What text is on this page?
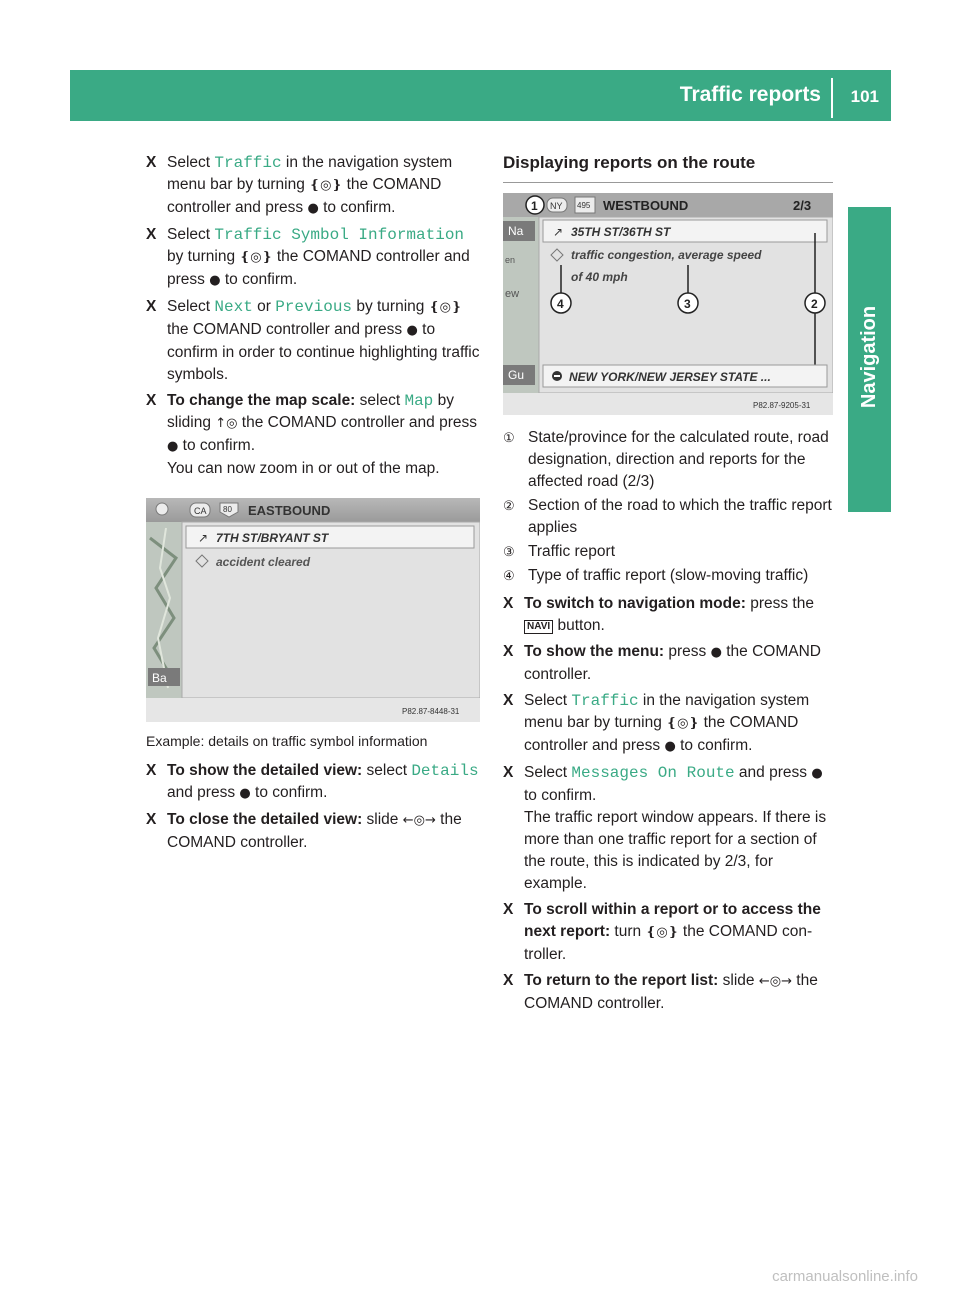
Traffic reports 101
Navigation
X Select Traffic in the navigation system menu bar by turning ❴◎❵ the COMAND controller and press ● to confirm.
X Select Traffic Symbol Information by turning ❴◎❵ the COMAND controller and press ● to confirm.
X Select Next or Previous by turning ❴◎❵ the COMAND controller and press ● to confirm in order to continue highlighting traffic symbols.
X To change the map scale: select Map by sliding ↑◎ the COMAND controller and press ● to confirm.
You can now zoom in or out of the map.
Ba
CA 80 EASTBOUND
↗ 7TH ST/BRYANT ST
accident cleared
P82.87-8448-31
Example: details on traffic symbol information
X To show the detailed view: select Details and press ● to confirm.
X To close the detailed view: slide ←◎→ the COMAND controller.
Displaying reports on the route
Na
en
ew
Gu
1 NY 495 WESTBOUND	2/3
↗ 35TH ST/36TH ST
traffic congestion, average speed
of 40 mph
4	3	2
NEW YORK/NEW JERSEY STATE ...
P82.87-9205-31
① State/province for the calculated route, road designation, direction and reports for the affected road (2/3)
② Section of the road to which the traffic report applies
③ Traffic report
④ Type of traffic report (slow-moving traffic)
X To switch to navigation mode: press the NAVI button.
X To show the menu: press ● the COMAND controller.
X Select Traffic in the navigation system menu bar by turning ❴◎❵ the COMAND controller and press ● to confirm.
X Select Messages On Route and press ● to confirm.
The traffic report window appears. If there is more than one traffic report for a section of the route, this is indicated by 2/3, for example.
X To scroll within a report or to access the next report: turn ❴◎❵ the COMAND con-troller.
X To return to the report list: slide ←◎→ the COMAND controller.
carmanualsonline.info
